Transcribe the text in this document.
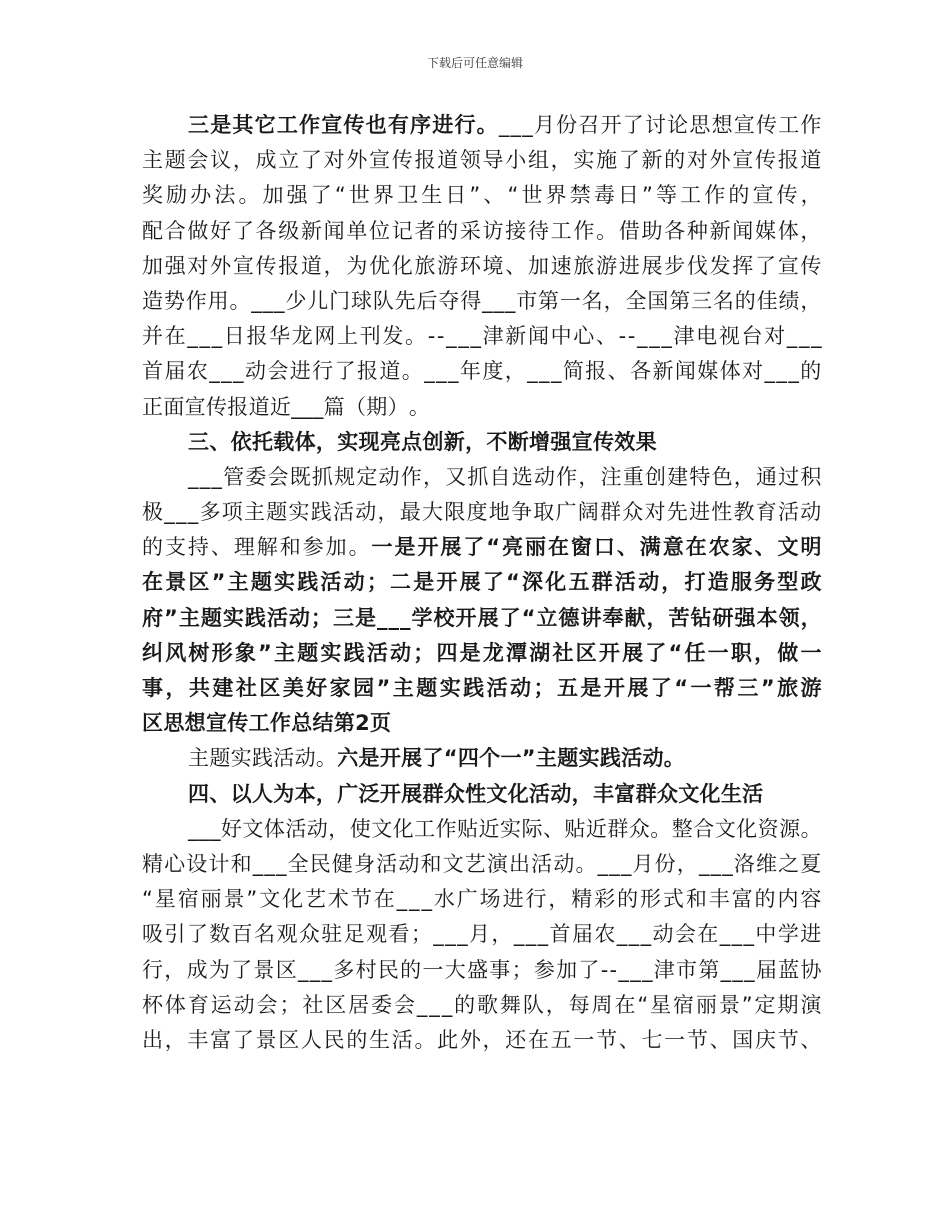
下载后可任意编辑
三 是 其 它 工 作 宣 传 也 有 序 进 行 。 _ _ _ 月 份 召 开 了 讨 论 思 想 宣 传 工 作
主 题 会 议 ， 成 立 了 对 外 宣 传 报 道 领 导 小 组 ， 实 施 了 新 的 对 外 宣 传 报 道
奖 励 办 法 。 加 强 了 “ 世 界 卫 生 日 ” 、 “ 世 界 禁 毒 日 ” 等 工 作 的 宣 传 ，
配 合 做 好 了 各 级 新 闻 单 位 记 者 的 采 访 接 待 工 作 。 借 助 各 种 新 闻 媒 体 ，
加 强 对 外 宣 传 报 道 ， 为 优 化 旅 游 环 境 、 加 速 旅 游 进 展 步 伐 发 挥 了 宣 传
造 势 作 用 。 _ _ _ 少 儿 门 球 队 先 后 夺 得 _ _ _ 市 第 一 名 ， 全 国 第 三 名 的 佳 绩 ，
并 在 _ _ _ 日 报 华 龙 网 上 刊 发 。 - - _ _ _ 津 新 闻 中 心 、 - - _ _ _ 津 电 视 台 对 _ _ _
首 届 农 _ _ _ 动 会 进 行 了 报 道 。 _ _ _ 年 度 ， _ _ _ 简 报 、 各 新 闻 媒 体 对 _ _ _ 的
正 面 宣 传 报 道 近 _ _ _ 篇 （ 期 ） 。
三 、 依 托 载 体 ， 实 现 亮 点 创 新 ， 不 断 增 强 宣 传 效 果
_ _ _ 管 委 会 既 抓 规 定 动 作 ， 又 抓 自 选 动 作 ， 注 重 创 建 特 色 ， 通 过 积
极 _ _ _ 多 项 主 题 实 践 活 动 ， 最 大 限 度 地 争 取 广 阔 群 众 对 先 进 性 教 育 活 动
的 支 持 、 理 解 和 参 加 。 一 是 开 展 了 “ 亮 丽 在 窗 口 、 满 意 在 农 家 、 文 明
在 景 区 ” 主 题 实 践 活 动 ； 二 是 开 展 了 “ 深 化 五 群 活 动 ， 打 造 服 务 型 政
府 ” 主 题 实 践 活 动 ； 三 是 _ _ _ 学 校 开 展 了 “ 立 德 讲 奉 献 ， 苦 钻 研 强 本 领 ，
纠 风 树 形 象 ” 主 题 实 践 活 动 ； 四 是 龙 潭 湖 社 区 开 展 了 “ 任 一 职 ， 做 一
事 ， 共 建 社 区 美 好 家 园 ” 主 题 实 践 活 动 ； 五 是 开 展 了 “ 一 帮 三 ” 旅 游
区 思 想 宣 传 工 作 总 结 第 2 页
主 题 实 践 活 动 。 六 是 开 展 了 “ 四 个 一 ” 主 题 实 践 活 动 。
四 、 以 人 为 本 ， 广 泛 开 展 群 众 性 文 化 活 动 ， 丰 富 群 众 文 化 生 活
_ _ _ 好 文 体 活 动 ， 使 文 化 工 作 贴 近 实 际 、 贴 近 群 众 。 整 合 文 化 资 源 。
精 心 设 计 和 _ _ _ 全 民 健 身 活 动 和 文 艺 演 出 活 动 。 _ _ _ 月 份 ， _ _ _ 洛 维 之 夏
“ 星 宿 丽 景 ” 文 化 艺 术 节 在 _ _ _ 水 广 场 进 行 ， 精 彩 的 形 式 和 丰 富 的 内 容
吸 引 了 数 百 名 观 众 驻 足 观 看 ； _ _ _ 月 ， _ _ _ 首 届 农 _ _ _ 动 会 在 _ _ _ 中 学 进
行 ， 成 为 了 景 区 _ _ _ 多 村 民 的 一 大 盛 事 ； 参 加 了 - - _ _ _ 津 市 第 _ _ _ 届 蓝 协
杯 体 育 运 动 会 ； 社 区 居 委 会 _ _ _ 的 歌 舞 队 ， 每 周 在 “ 星 宿 丽 景 ” 定 期 演
出 ， 丰 富 了 景 区 人 民 的 生 活 。 此 外 ， 还 在 五 一 节 、 七 一 节 、 国 庆 节 、
